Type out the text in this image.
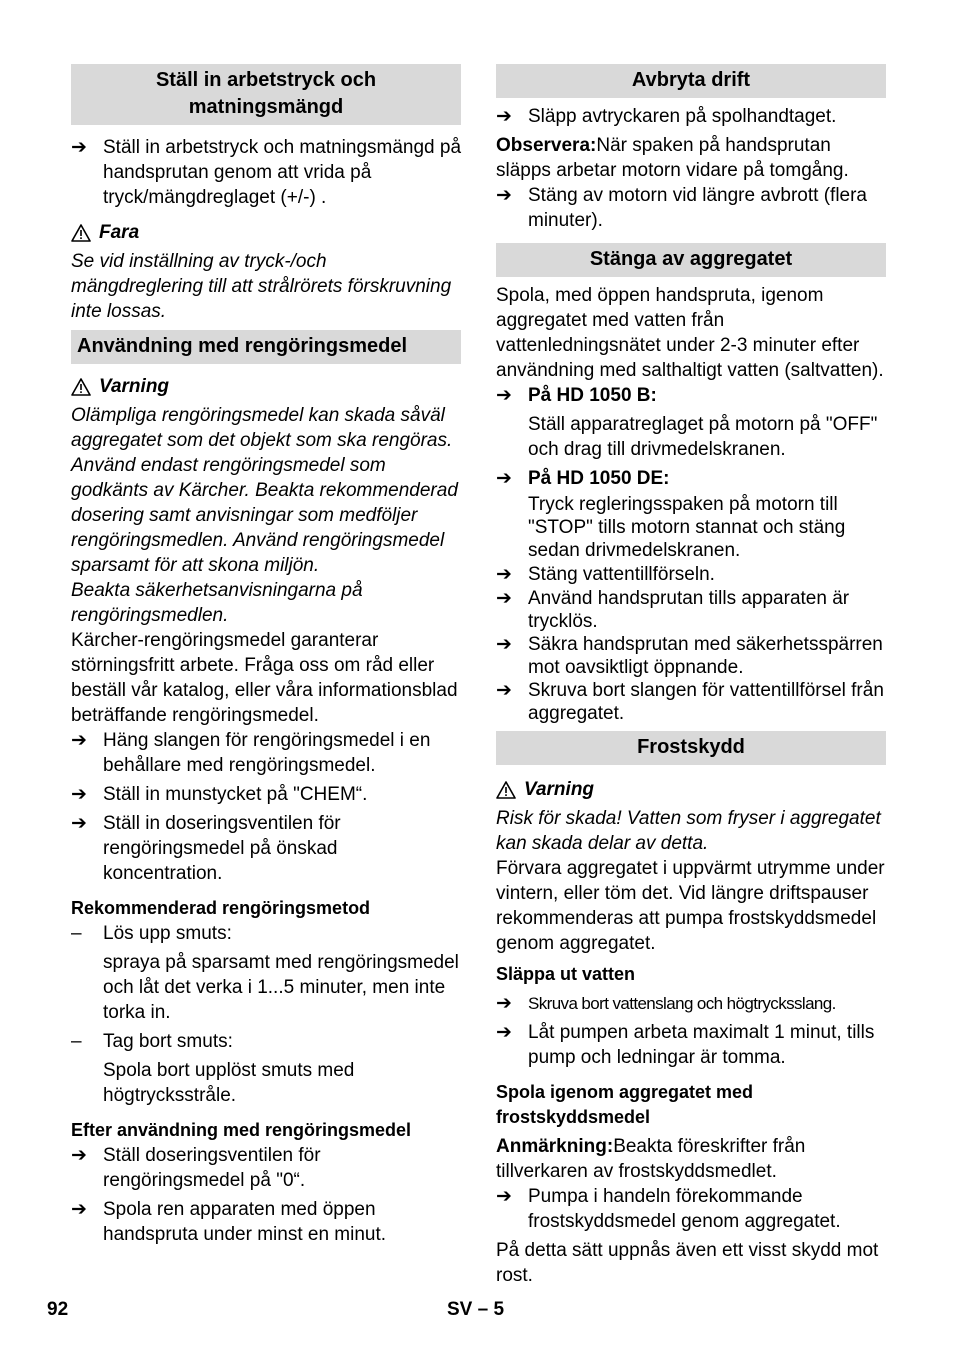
Ställ in arbetstryck och matningsmängd
➔ Ställ in arbetstryck och matningsmängd på handsprutan genom att vrida på tryck/mängdreglaget (+/-) .
Fara
Se vid inställning av tryck-/och mängdreglering till att strålrörets förskruvning inte lossas.
Användning med rengöringsmedel
Varning
Olämpliga rengöringsmedel kan skada såväl aggregatet som det objekt som ska rengöras. Använd endast rengöringsmedel som godkänts av Kärcher. Beakta rekommenderad dosering samt anvisningar som medföljer rengöringsmedlen. Använd rengöringsmedel sparsamt för att skona miljön.
Beakta säkerhetsanvisningarna på rengöringsmedlen.
Kärcher-rengöringsmedel garanterar störningsfritt arbete. Fråga oss om råd eller beställ vår katalog, eller våra informationsblad beträffande rengöringsmedel.
➔ Häng slangen för rengöringsmedel i en behållare med rengöringsmedel.
➔ Ställ in munstycket på "CHEM“.
➔ Ställ in doseringsventilen för rengöringsmedel på önskad koncentration.
Rekommenderad rengöringsmetod
–	Lös upp smuts:
spraya på sparsamt med rengöringsmedel och låt det verka i 1...5 minuter, men inte torka in.
–	Tag bort smuts:
Spola bort upplöst smuts med högtrycksstråle.
Efter användning med rengöringsmedel
➔ Ställ doseringsventilen för rengöringsmedel på "0“.
➔ Spola ren apparaten med öppen handspruta under minst en minut.
Avbryta drift
➔ Släpp avtryckaren på spolhandtaget.
Observera:När spaken på handsprutan släpps arbetar motorn vidare på tomgång.
➔ Stäng av motorn vid längre avbrott (flera minuter).
Stänga av aggregatet
Spola, med öppen handspruta, igenom aggregatet med vatten från vattenledningsnätet under 2-3 minuter efter användning med salthaltigt vatten (saltvatten).
➔ På HD 1050 B:
Ställ apparatreglaget på motorn på "OFF" och drag till drivmedelskranen.
➔ På HD 1050 DE:
Tryck regleringsspaken på motorn till "STOP" tills motorn stannat och stäng sedan drivmedelskranen.
➔ Stäng vattentillförseln.
➔ Använd handsprutan tills apparaten är trycklös.
➔ Säkra handsprutan med säkerhetsspärren mot oavsiktligt öppnande.
➔ Skruva bort slangen för vattentillförsel från aggregatet.
Frostskydd
Varning
Risk för skada! Vatten som fryser i aggregatet kan skada delar av detta.
Förvara aggregatet i uppvärmt utrymme under vintern, eller töm det. Vid längre driftspauser rekommenderas att pumpa frostskyddsmedel genom aggregatet.
Släppa ut vatten
➔ Skruva bort vattenslang och högtrycksslang.
➔ Låt pumpen arbeta maximalt 1 minut, tills pump och ledningar är tomma.
Spola igenom aggregatet med frostskyddsmedel
Anmärkning:Beakta föreskrifter från tillverkaren av frostskyddsmedlet.
➔ Pumpa i handeln förekommande frostskyddsmedel genom aggregatet.
På detta sätt uppnås även ett visst skydd mot rost.
92	SV – 5
